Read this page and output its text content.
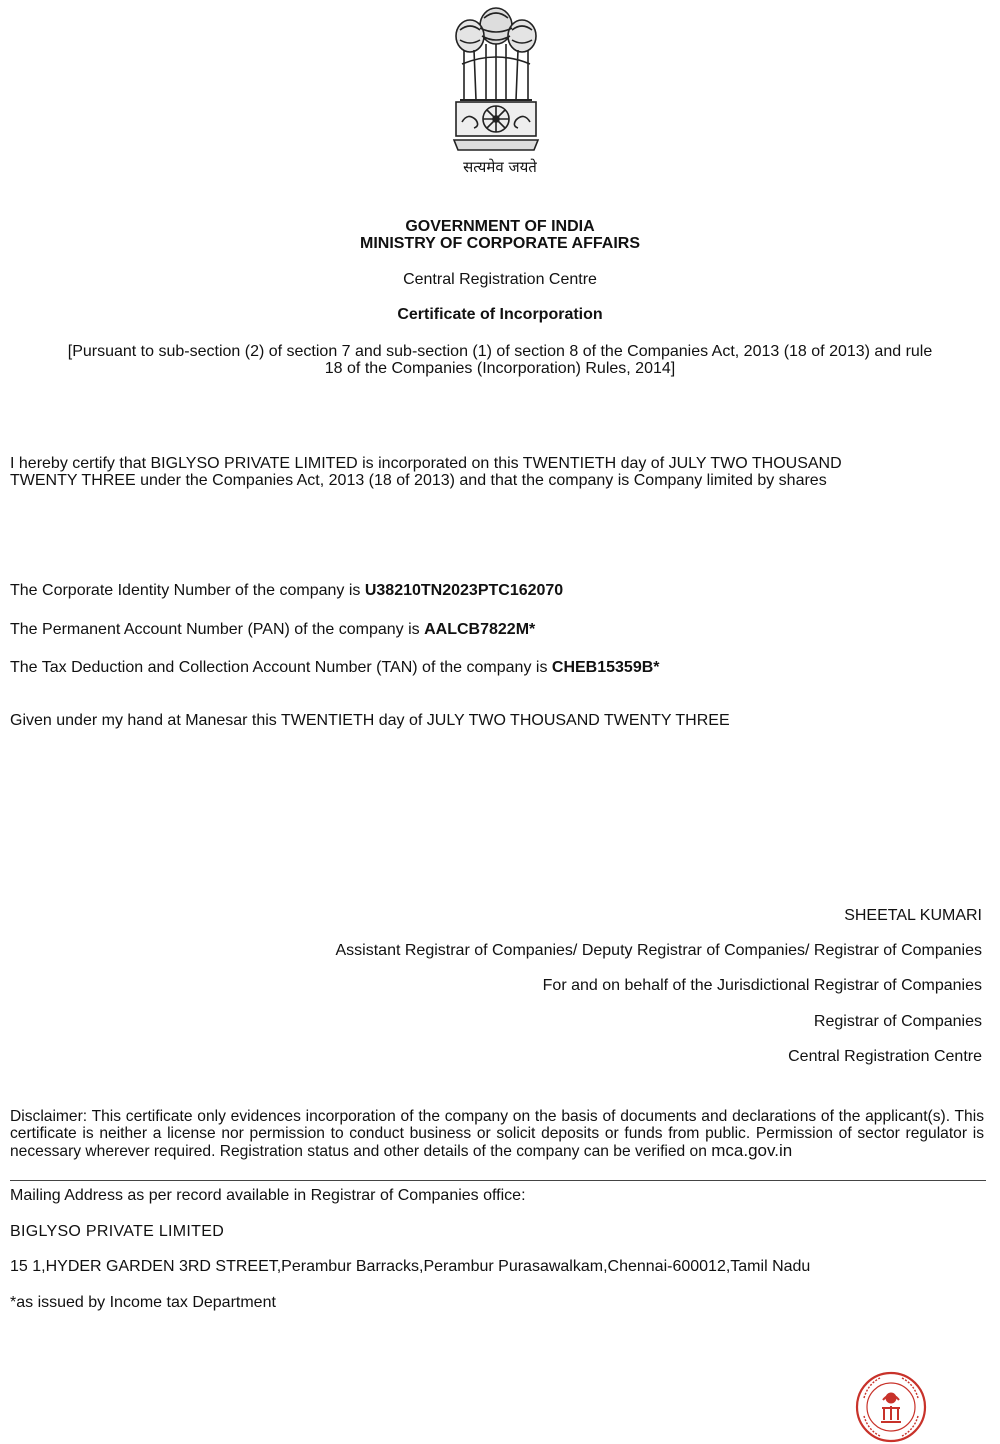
सत्यमेव जयते
GOVERNMENT OF INDIA
MINISTRY OF CORPORATE AFFAIRS
Central Registration Centre
Certificate of Incorporation
[Pursuant to sub-section (2) of section 7 and sub-section (1) of section 8 of the Companies Act, 2013 (18 of 2013) and rule
18 of the Companies (Incorporation) Rules, 2014]
I hereby certify that BIGLYSO PRIVATE LIMITED is incorporated on this TWENTIETH day of JULY TWO THOUSAND
TWENTY THREE under the Companies Act, 2013 (18 of 2013) and that the company is Company limited by shares
The Corporate Identity Number of the company is U38210TN2023PTC162070
The Permanent Account Number (PAN) of the company is AALCB7822M*
The Tax Deduction and Collection Account Number (TAN) of the company is CHEB15359B*
Given under my hand at Manesar this TWENTIETH day of JULY TWO THOUSAND TWENTY THREE
SHEETAL KUMARI
Assistant Registrar of Companies/ Deputy Registrar of Companies/ Registrar of Companies
For and on behalf of the Jurisdictional Registrar of Companies
Registrar of Companies
Central Registration Centre
Disclaimer: This certificate only evidences incorporation of the company on the basis of documents and declarations of the applicant(s). This certificate is neither a license nor permission to conduct business or solicit deposits or funds from public. Permission of sector regulator is necessary wherever required. Registration status and other details of the company can be verified on mca.gov.in
Mailing Address as per record available in Registrar of Companies office:
BIGLYSO PRIVATE LIMITED
15 1,HYDER GARDEN 3RD STREET,Perambur Barracks,Perambur Purasawalkam,Chennai-600012,Tamil Nadu
*as issued by Income tax Department
